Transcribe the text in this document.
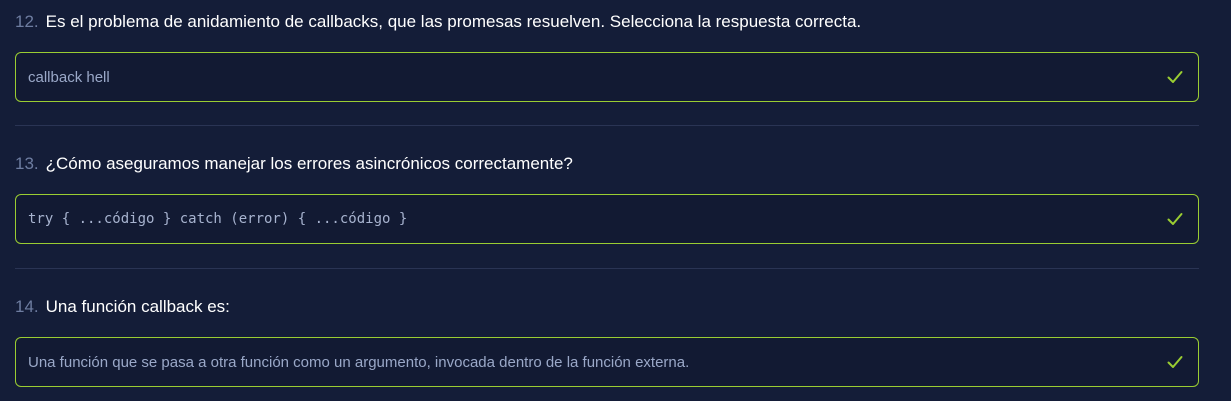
12. Es el problema de anidamiento de callbacks, que las promesas resuelven. Selecciona la respuesta correcta.
callback hell
13. ¿Cómo aseguramos manejar los errores asincrónicos correctamente?
try { ...código } catch (error) { ...código }
14. Una función callback es:
Una función que se pasa a otra función como un argumento, invocada dentro de la función externa.
